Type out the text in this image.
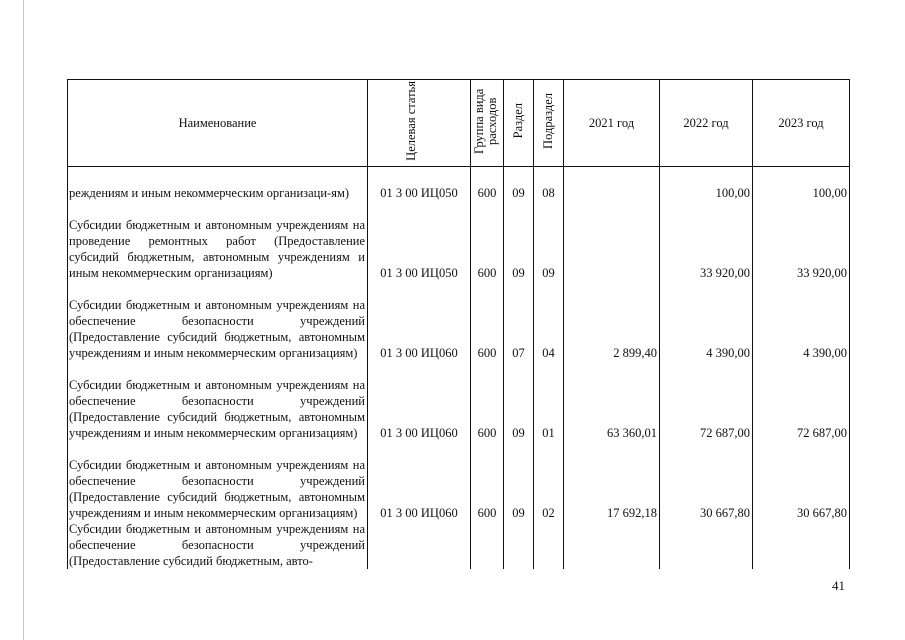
Наименование	Целевая статья	Группа вида расходов	Раздел	Подраздел	2021 год	2022 год	2023 год
реждениям и иным некоммерческим организаци-ям)	01 3 00 ИЦ050	600	09	08		100,00	100,00
Субсидии бюджетным и автономным учреждениям на проведение ремонтных работ (Предоставление субсидий бюджетным, автономным учреждениям и иным некоммерческим организациям)	01 3 00 ИЦ050	600	09	09		33 920,00	33 920,00
Субсидии бюджетным и автономным учреждениям на обеспечение безопасности учреждений (Предоставление субсидий бюджетным, автономным учреждениям и иным некоммерческим организациям)	01 3 00 ИЦ060	600	07	04	2 899,40	4 390,00	4 390,00
Субсидии бюджетным и автономным учреждениям на обеспечение безопасности учреждений (Предоставление субсидий бюджетным, автономным учреждениям и иным некоммерческим организациям)	01 3 00 ИЦ060	600	09	01	63 360,01	72 687,00	72 687,00
Субсидии бюджетным и автономным учреждениям на обеспечение безопасности учреждений (Предоставление субсидий бюджетным, автономным учреждениям и иным некоммерческим организациям)	01 3 00 ИЦ060	600	09	02	17 692,18	30 667,80	30 667,80
Субсидии бюджетным и автономным учреждениям на обеспечение безопасности учреждений (Предоставление субсидий бюджетным, авто-							
41
